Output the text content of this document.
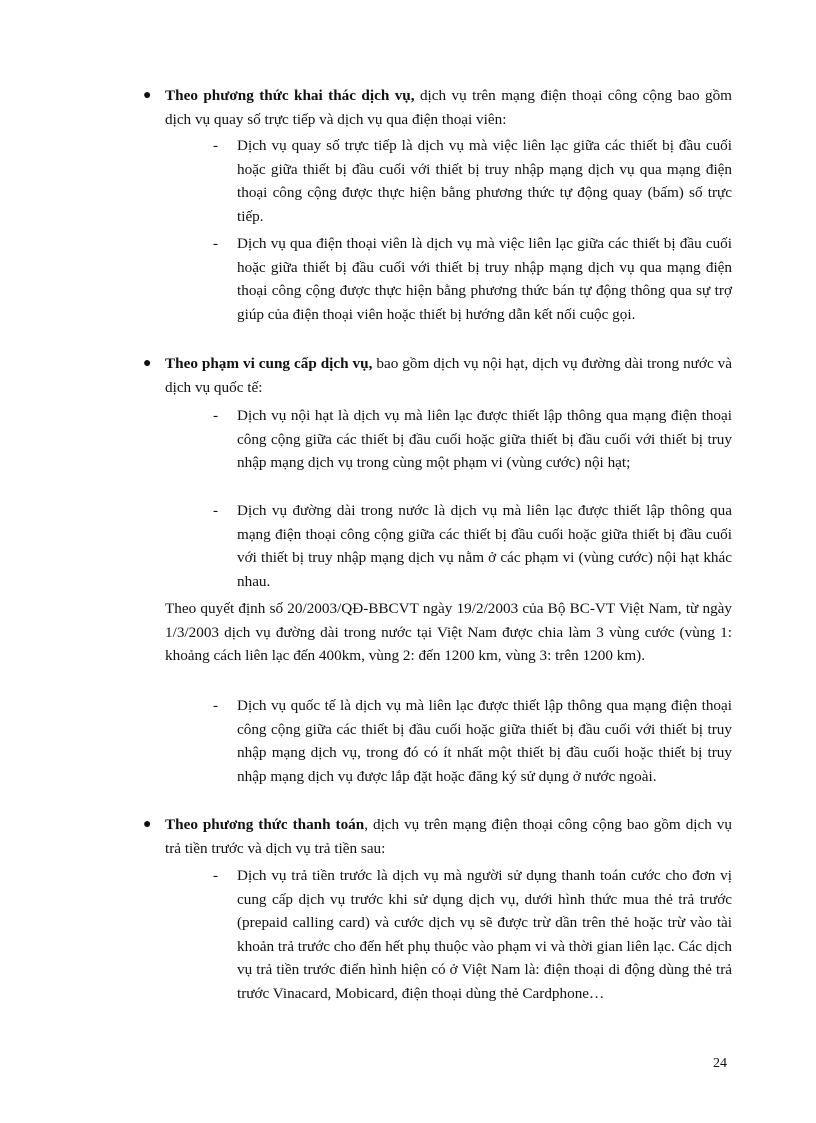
● Theo phương thức khai thác dịch vụ, dịch vụ trên mạng điện thoại công cộng bao gồm dịch vụ quay số trực tiếp và dịch vụ qua điện thoại viên:

- Dịch vụ quay số trực tiếp là dịch vụ mà việc liên lạc giữa các thiết bị đầu cuối hoặc giữa thiết bị đầu cuối với thiết bị truy nhập mạng dịch vụ qua mạng điện thoại công cộng được thực hiện bằng phương thức tự động quay (bấm) số trực tiếp.

- Dịch vụ qua điện thoại viên là dịch vụ mà việc liên lạc giữa các thiết bị đầu cuối hoặc giữa thiết bị đầu cuối với thiết bị truy nhập mạng dịch vụ qua mạng điện thoại công cộng được thực hiện bằng phương thức bán tự động thông qua sự trợ giúp của điện thoại viên hoặc thiết bị hướng dẫn kết nối cuộc gọi.

● Theo phạm vi cung cấp dịch vụ, bao gồm dịch vụ nội hạt, dịch vụ đường dài trong nước và dịch vụ quốc tế:

- Dịch vụ nội hạt là dịch vụ mà liên lạc được thiết lập thông qua mạng điện thoại công cộng giữa các thiết bị đầu cuối hoặc giữa thiết bị đầu cuối với thiết bị truy nhập mạng dịch vụ trong cùng một phạm vi (vùng cước) nội hạt;

- Dịch vụ đường dài trong nước là dịch vụ mà liên lạc được thiết lập thông qua mạng điện thoại công cộng giữa các thiết bị đầu cuối hoặc giữa thiết bị đầu cuối với thiết bị truy nhập mạng dịch vụ nằm ở các phạm vi (vùng cước) nội hạt khác nhau.

Theo quyết định số 20/2003/QĐ-BBCVT ngày 19/2/2003 của Bộ BC-VT Việt Nam, từ ngày 1/3/2003 dịch vụ đường dài trong nước tại Việt Nam được chia làm 3 vùng cước (vùng 1: khoảng cách liên lạc đến 400km, vùng 2: đến 1200 km, vùng 3: trên 1200 km).

- Dịch vụ quốc tế là dịch vụ mà liên lạc được thiết lập thông qua mạng điện thoại công cộng giữa các thiết bị đầu cuối hoặc giữa thiết bị đầu cuối với thiết bị truy nhập mạng dịch vụ, trong đó có ít nhất một thiết bị đầu cuối hoặc thiết bị truy nhập mạng dịch vụ được lắp đặt hoặc đăng ký sử dụng ở nước ngoài.

● Theo phương thức thanh toán, dịch vụ trên mạng điện thoại công cộng bao gồm dịch vụ trả tiền trước và dịch vụ trả tiền sau:

- Dịch vụ trả tiền trước là dịch vụ mà người sử dụng thanh toán cước cho đơn vị cung cấp dịch vụ trước khi sử dụng dịch vụ, dưới hình thức mua thẻ trả trước (prepaid calling card) và cước dịch vụ sẽ được trừ dần trên thẻ hoặc trừ vào tài khoản trả trước cho đến hết phụ thuộc vào phạm vi và thời gian liên lạc. Các dịch vụ trả tiền trước điển hình hiện có ở Việt Nam là: điện thoại di động dùng thẻ trả trước Vinacard, Mobicard, điện thoại dùng thẻ Cardphone…

24
